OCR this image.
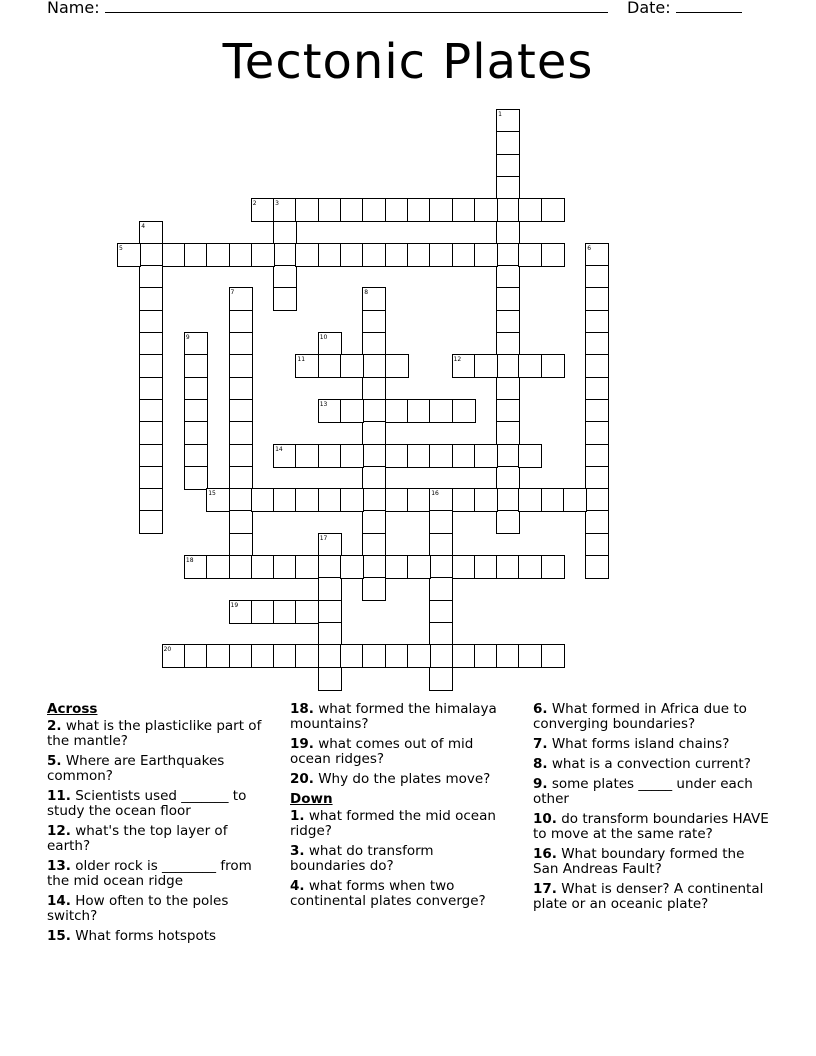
Name:	Date:
Tectonic Plates
1
2	3
4
5	6
7	8
9	10
11	12
13
14
15	16
17
18
19
20
Across
2. what is the plasticlike part of the mantle?
5. Where are Earthquakes common?
11. Scientists used _______ to study the ocean floor
12. what's the top layer of earth?
13. older rock is ________ from the mid ocean ridge
14. How often to the poles switch?
15. What forms hotspots
18. what formed the himalaya mountains?
19. what comes out of mid ocean ridges?
20. Why do the plates move?
Down
1. what formed the mid ocean ridge?
3. what do transform boundaries do?
4. what forms when two continental plates converge?
6. What formed in Africa due to converging boundaries?
7. What forms island chains?
8. what is a convection current?
9. some plates _____ under each other
10. do transform boundaries HAVE to move at the same rate?
16. What boundary formed the San Andreas Fault?
17. What is denser? A continental plate or an oceanic plate?
